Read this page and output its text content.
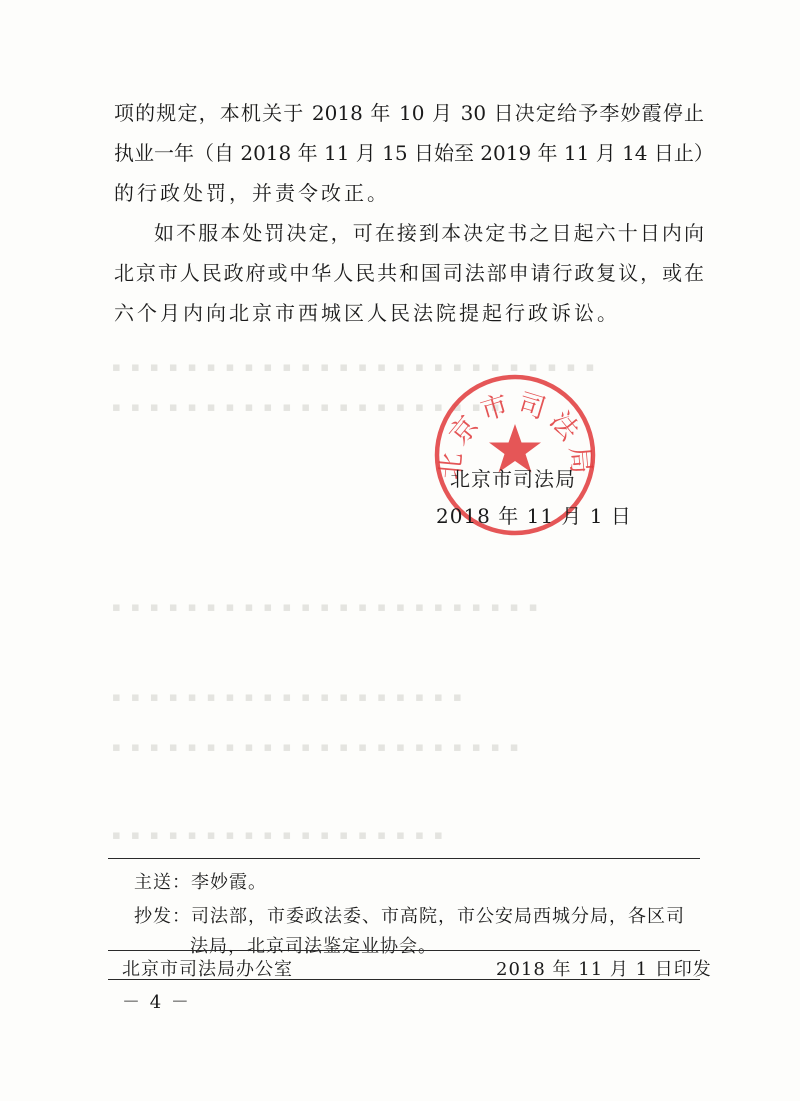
▪ ▪ ▪ ▪ ▪ ▪ ▪ ▪ ▪ ▪ ▪ ▪ ▪ ▪ ▪ ▪ ▪ ▪ ▪ ▪ ▪ ▪ ▪ ▪ ▪ ▪
▪ ▪ ▪ ▪ ▪ ▪ ▪ ▪ ▪ ▪ ▪ ▪ ▪ ▪ ▪ ▪ ▪ ▪ ▪ ▪ ▪
▪ ▪ ▪ ▪ ▪ ▪ ▪ ▪ ▪ ▪ ▪ ▪ ▪ ▪ ▪ ▪ ▪ ▪ ▪ ▪ ▪ ▪ ▪
▪ ▪ ▪ ▪ ▪ ▪ ▪ ▪ ▪ ▪ ▪ ▪ ▪ ▪ ▪ ▪ ▪ ▪ ▪
▪ ▪ ▪ ▪ ▪ ▪ ▪ ▪ ▪ ▪ ▪ ▪ ▪ ▪ ▪ ▪ ▪ ▪ ▪ ▪ ▪ ▪
▪ ▪ ▪ ▪ ▪ ▪ ▪ ▪ ▪ ▪ ▪ ▪ ▪ ▪ ▪ ▪ ▪ ▪
项的规定，本机关于 2018 年 10 月 30 日决定给予李妙霞停止
执业一年（自 2018 年 11 月 15 日始至 2019 年 11 月 14 日止）
的行政处罚，并责令改正。
如不服本处罚决定，可在接到本决定书之日起六十日内向
北京市人民政府或中华人民共和国司法部申请行政复议，或在
六个月内向北京市西城区人民法院提起行政诉讼。
北京市司法局
北京市司法局
2018 年 11 月 1 日
主送：李妙霞。
抄发：司法部，市委政法委、市高院，市公安局西城分局，各区司
法局，北京司法鉴定业协会。
北京市司法局办公室	2018 年 11 月 1 日印发
－ 4 －
